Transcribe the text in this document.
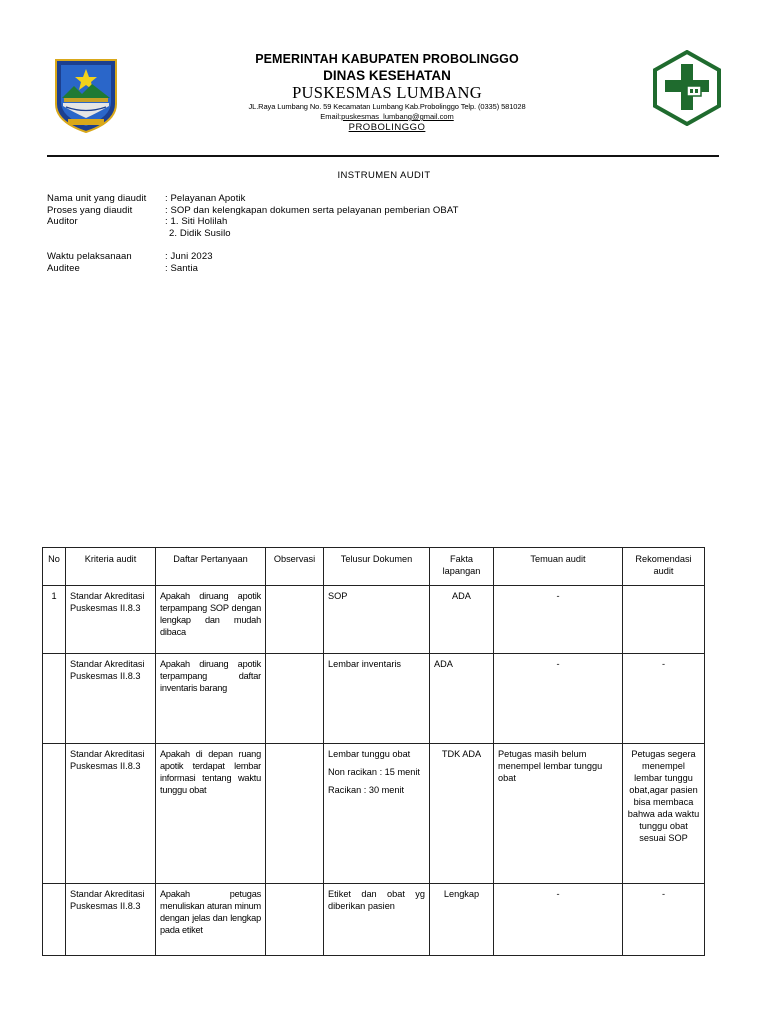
PEMERINTAH KABUPATEN PROBOLINGGO
DINAS KESEHATAN
PUSKESMAS LUMBANG
JL.Raya Lumbang No. 59 Kecamatan Lumbang Kab.Probolinggo Telp. (0335) 581028
Email:puskesmas_lumbang@gmail.com
PROBOLINGGO
INSTRUMEN AUDIT
Nama unit yang diaudit : Pelayanan Apotik
Proses yang diaudit	: SOP dan kelengkapan dokumen serta pelayanan pemberian OBAT
Auditor	: 1. Siti Holilah
2. Didik Susilo
Waktu pelaksanaan	: Juni 2023
Auditee	: Santia
No	Kriteria audit	Daftar Pertanyaan	Observasi	Telusur Dokumen	Fakta lapangan	Temuan audit	Rekomendasi audit
1	Standar Akreditasi Puskesmas II.8.3	Apakah diruang apotik terpampang SOP dengan lengkap dan mudah dibaca		SOP	ADA	-	
	Standar Akreditasi Puskesmas II.8.3	Apakah diruang apotik terpampang daftar inventaris barang		Lembar inventaris	ADA	-	-
	Standar Akreditasi Puskesmas II.8.3	Apakah di depan ruang apotik terdapat lembar informasi tentang waktu tunggu obat		Lembar tunggu obat

Non racikan : 15 menit

Racikan : 30 menit	TDK ADA	Petugas masih belum menempel lembar tunggu obat	Petugas segera menempel lembar tunggu obat,agar pasien bisa membaca bahwa ada waktu tunggu obat sesuai SOP
	Standar Akreditasi Puskesmas II.8.3	Apakah petugas menuliskan aturan minum dengan jelas dan lengkap pada etiket		Etiket dan obat yg diberikan pasien	Lengkap	-	-
